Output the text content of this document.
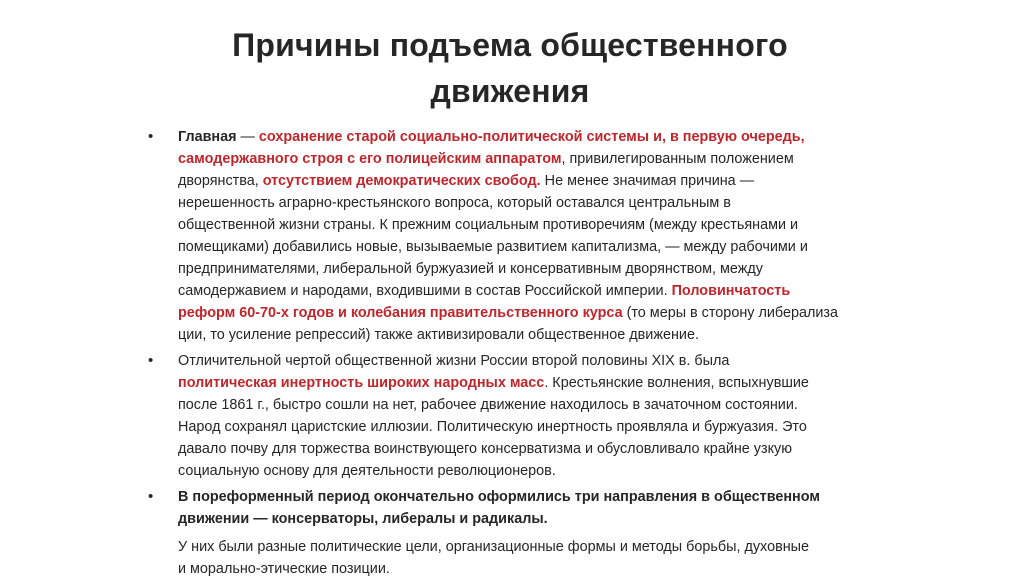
Причины подъема общественного
движения
• Главная — сохранение старой социально-политической системы и, в первую очередь,
самодержавного строя с его полицейским аппаратом, привилегированным положением
дворянства, отсутствием демократических свобод. Не менее значимая причина —
нерешенность аграрно-крестьянского вопроса, который оставался центральным в
общественной жизни страны. К прежним социальным противоречиям (между крестьянами и
помещиками) добавились новые, вызываемые развитием капитализма, — между рабочими и
предпринимателями, либеральной буржуазией и консервативным дворянством, между
самодержавием и народами, входившими в состав Российской империи. Половинчатость
реформ 60-70-х годов и колебания правительственного курса (то меры в сторону либерализа
ции, то усиление репрессий) также активизировали общественное движение.

• Отличительной чертой общественной жизни России второй половины XIX в. была
политическая инертность широких народных масс. Крестьянские волнения, вспыхнувшие
после 1861 г., быстро сошли на нет, рабочее движение находилось в зачаточном состоянии.
Народ сохранял царистские иллюзии. Политическую инертность проявляла и буржуазия. Это
давало почву для торжества воинствующего консерватизма и обусловливало крайне узкую
социальную основу для деятельности революционеров.

• В пореформенный период окончательно оформились три направления в общественном
движении — консерваторы, либералы и радикалы.

У них были разные политические цели, организационные формы и методы борьбы, духовные
и морально-этические позиции.
